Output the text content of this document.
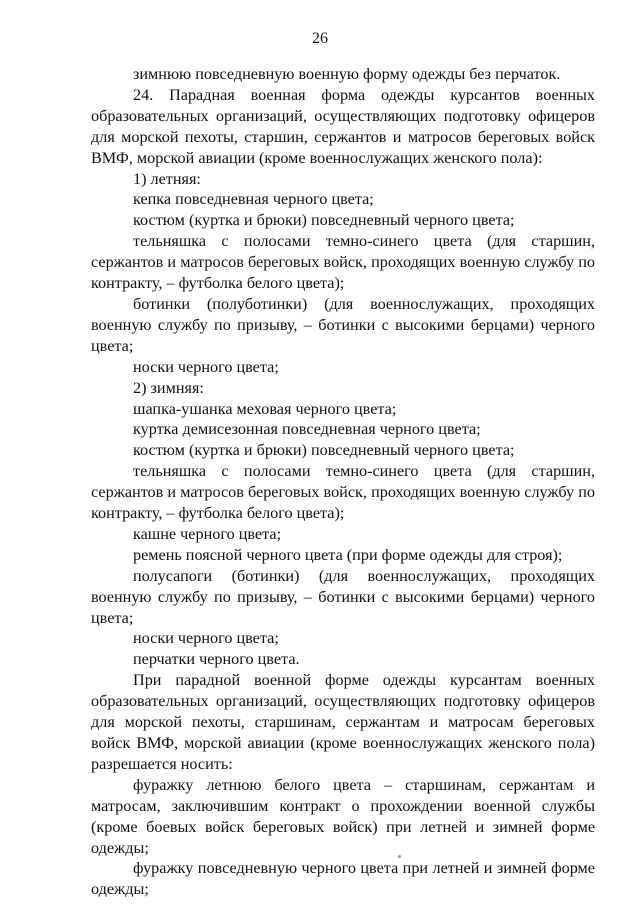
26

зимнюю повседневную военную форму одежды без перчаток.

24. Парадная военная форма одежды курсантов военных образовательных организаций, осуществляющих подготовку офицеров для морской пехоты, старшин, сержантов и матросов береговых войск ВМФ, морской авиации (кроме военнослужащих женского пола):

1) летняя:

кепка повседневная черного цвета;

костюм (куртка и брюки) повседневный черного цвета;

тельняшка с полосами темно-синего цвета (для старшин, сержантов и матросов береговых войск, проходящих военную службу по контракту, – футболка белого цвета);

ботинки (полуботинки) (для военнослужащих, проходящих военную службу по призыву, – ботинки с высокими берцами) черного цвета;

носки черного цвета;

2) зимняя:

шапка-ушанка меховая черного цвета;

куртка демисезонная повседневная черного цвета;

костюм (куртка и брюки) повседневный черного цвета;

тельняшка с полосами темно-синего цвета (для старшин, сержантов и матросов береговых войск, проходящих военную службу по контракту, – футболка белого цвета);

кашне черного цвета;

ремень поясной черного цвета (при форме одежды для строя);

полусапоги (ботинки) (для военнослужащих, проходящих военную службу по призыву, – ботинки с высокими берцами) черного цвета;

носки черного цвета;

перчатки черного цвета.

При парадной военной форме одежды курсантам военных образовательных организаций, осуществляющих подготовку офицеров для морской пехоты, старшинам, сержантам и матросам береговых войск ВМФ, морской авиации (кроме военнослужащих женского пола) разрешается носить:

фуражку летнюю белого цвета – старшинам, сержантам и матросам, заключившим контракт о прохождении военной службы (кроме боевых войск береговых войск) при летней и зимней форме одежды;

фуражку повседневную черного цвета при летней и зимней форме одежды;
